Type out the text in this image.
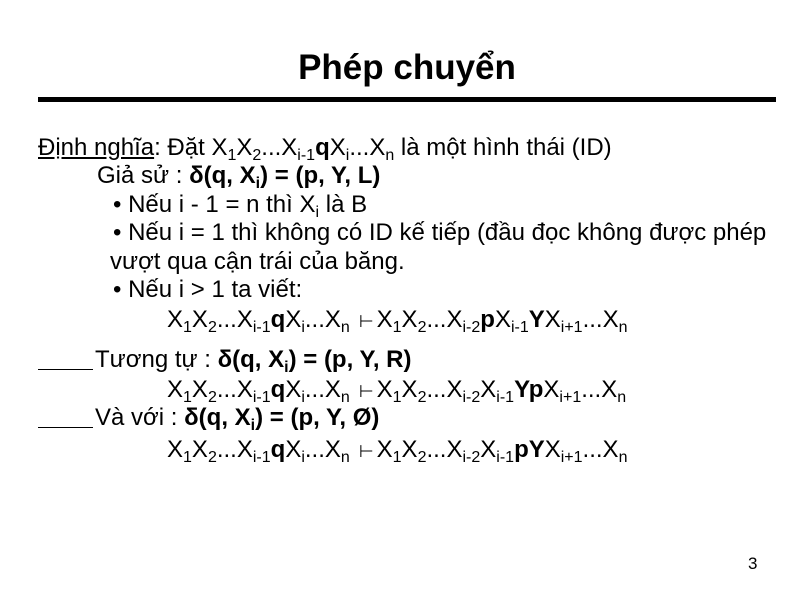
Phép chuyển
Định nghĩa: Đặt $X_1X_2...X_{i-1}qX_i...X_n$ là một hình thái (ID)
Giả sử : δ(q, $X_i) = (p$, Y, L)
• Nếu i - 1 = n thì $X_i$ là B
• Nếu i = 1 thì không có ID kế tiếp (đầu đọc không được phép
vượt qua cận trái của băng.
• Nếu i > 1 ta viết:
$X_1X_2...X_{i-1}qX_i...X_n$ ⊢ $X_1X_2...X_{i-2}pX_{i-1}YX_{i+1}...X_n$
Tương tự : δ(q, $X_i) = (p$, Y, R)
$X_1X_2...X_{i-1}qX_i...X_n$ ⊢ $X_1X_2...X_{i-2}X_{i-1}YpX_{i+1}...X_n$
Và với : δ(q, $X_i) = (p$, Y, Ø)
$X_1X_2...X_{i-1}qX_i...X_n$ ⊢ $X_1X_2...X_{i-2}X_{i-1}pYX_{i+1}...X_n$
3
